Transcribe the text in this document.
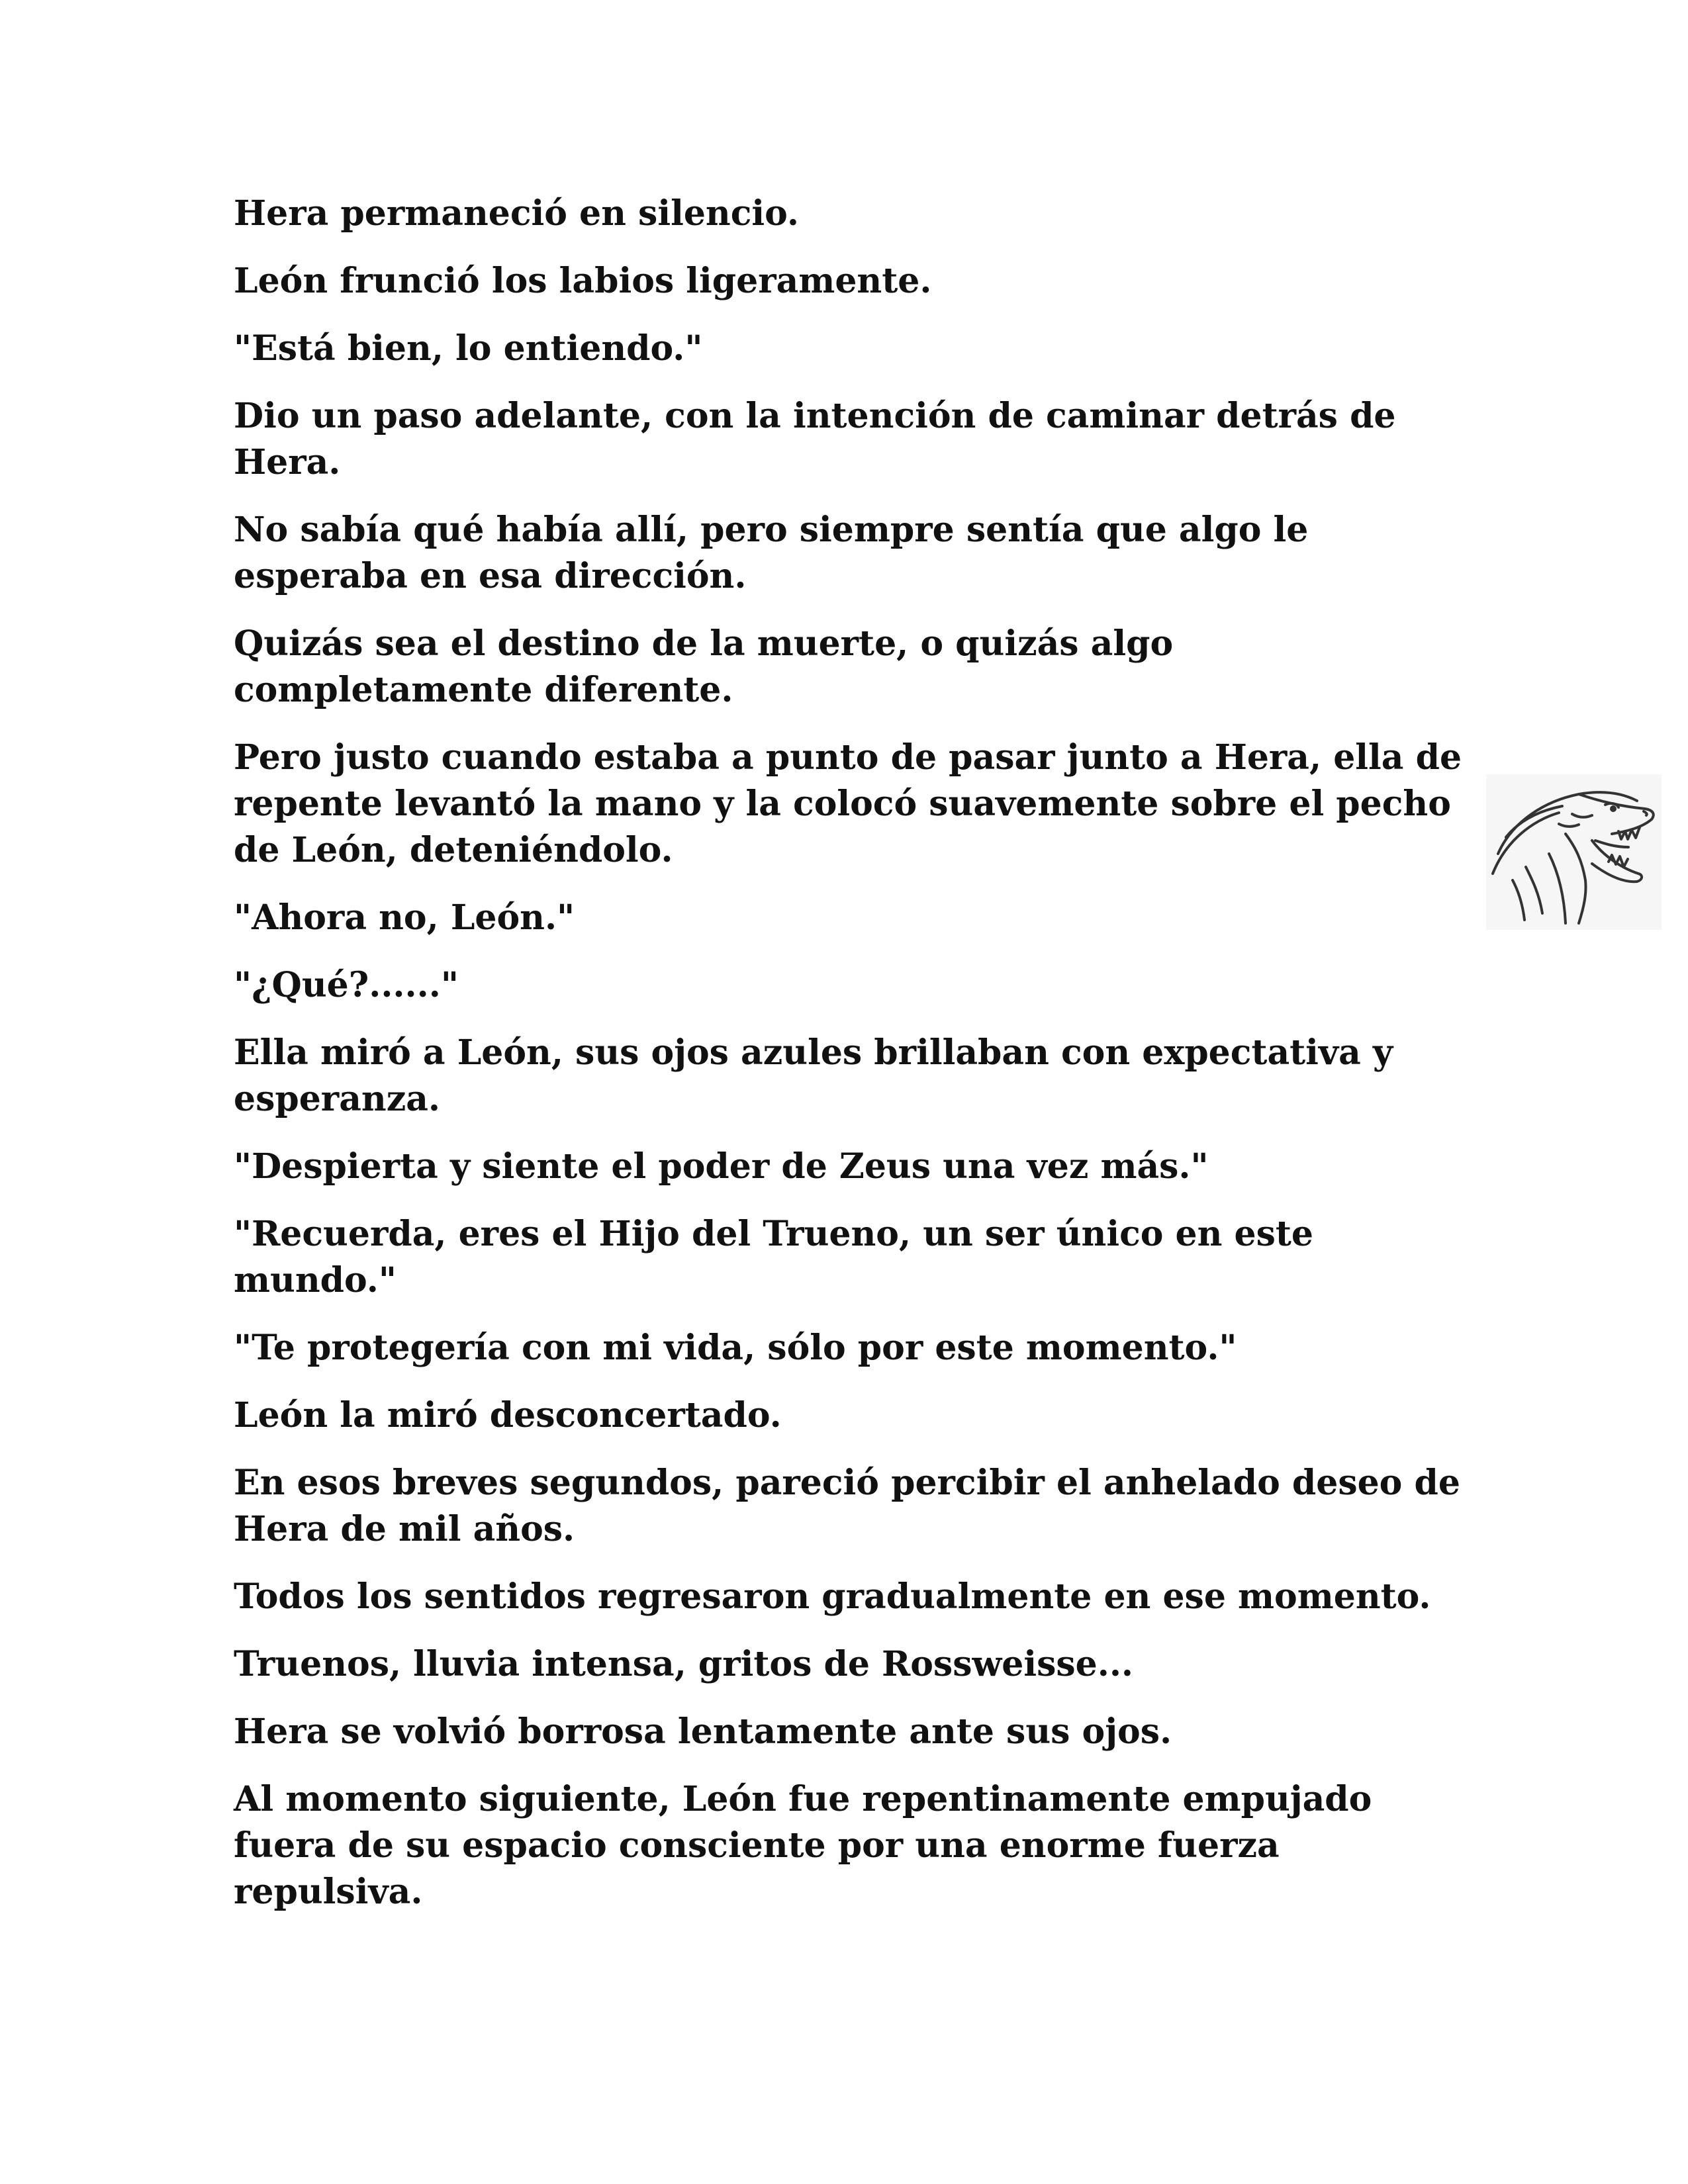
Hera permaneció en silencio.

León frunció los labios ligeramente.

"Está bien, lo entiendo."

Dio un paso adelante, con la intención de caminar detrás de Hera.

No sabía qué había allí, pero siempre sentía que algo le esperaba en esa dirección.

Quizás sea el destino de la muerte, o quizás algo completamente diferente.

Pero justo cuando estaba a punto de pasar junto a Hera, ella de repente levantó la mano y la colocó suavemente sobre el pecho de León, deteniéndolo.

"Ahora no, León."

"¿Qué?......"

Ella miró a León, sus ojos azules brillaban con expectativa y esperanza.

"Despierta y siente el poder de Zeus una vez más."

"Recuerda, eres el Hijo del Trueno, un ser único en este mundo."

"Te protegería con mi vida, sólo por este momento."

León la miró desconcertado.

En esos breves segundos, pareció percibir el anhelado deseo de Hera de mil años.

Todos los sentidos regresaron gradualmente en ese momento.

Truenos, lluvia intensa, gritos de Rossweisse...

Hera se volvió borrosa lentamente ante sus ojos.

Al momento siguiente, León fue repentinamente empujado fuera de su espacio consciente por una enorme fuerza repulsiva.
